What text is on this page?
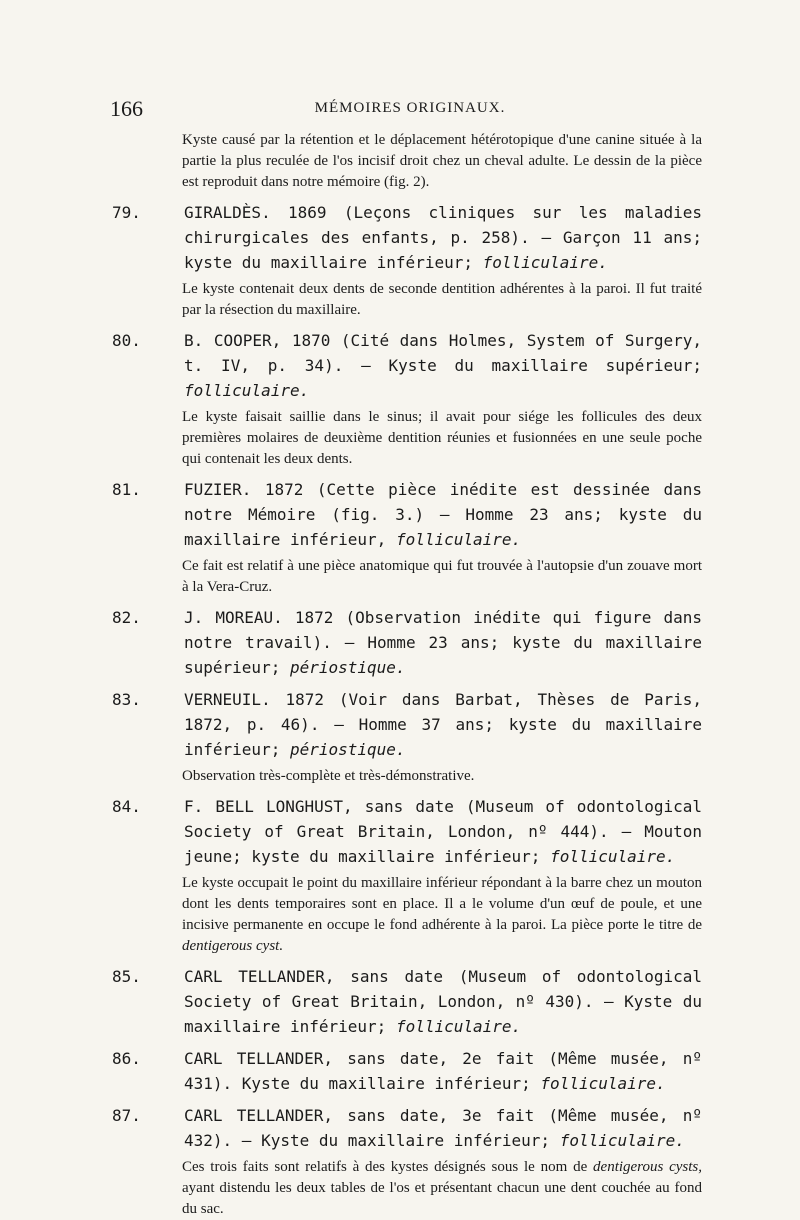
166	MÉMOIRES ORIGINAUX.

Kyste causé par la rétention et le déplacement hétérotopique d'une canine située à la partie la plus reculée de l'os incisif droit chez un cheval adulte. Le dessin de la pièce est reproduit dans notre mémoire (fig. 2).

79.	GIRALDÈS. 1869 (Leçons cliniques sur les maladies chirurgicales des enfants, p. 258). — Garçon 11 ans; kyste du maxillaire inférieur; folliculaire.

Le kyste contenait deux dents de seconde dentition adhérentes à la paroi. Il fut traité par la résection du maxillaire.

80.	B. COOPER, 1870 (Cité dans Holmes, System of Surgery, t. IV, p. 34). — Kyste du maxillaire supérieur; folliculaire.

Le kyste faisait saillie dans le sinus; il avait pour siége les follicules des deux premières molaires de deuxième dentition réunies et fusionnées en une seule poche qui contenait les deux dents.

81.	FUZIER. 1872 (Cette pièce inédite est dessinée dans notre Mémoire (fig. 3.) — Homme 23 ans; kyste du maxillaire inférieur, folliculaire.

Ce fait est relatif à une pièce anatomique qui fut trouvée à l'autopsie d'un zouave mort à la Vera-Cruz.

82.	J. MOREAU. 1872 (Observation inédite qui figure dans notre travail). — Homme 23 ans; kyste du maxillaire supérieur; périostique.

83.	VERNEUIL. 1872 (Voir dans Barbat, Thèses de Paris, 1872, p. 46). — Homme 37 ans; kyste du maxillaire inférieur; périostique.

Observation très-complète et très-démonstrative.

84.	F. BELL LONGHUST, sans date (Museum of odontological Society of Great Britain, London, nº 444). — Mouton jeune; kyste du maxillaire inférieur; folliculaire.

Le kyste occupait le point du maxillaire inférieur répondant à la barre chez un mouton dont les dents temporaires sont en place. Il a le volume d'un œuf de poule, et une incisive permanente en occupe le fond adhérente à la paroi. La pièce porte le titre de dentigerous cyst.

85.	CARL TELLANDER, sans date (Museum of odontological Society of Great Britain, London, nº 430). — Kyste du maxillaire inférieur; folliculaire.

86.	CARL TELLANDER, sans date, 2e fait (Même musée, nº 431). Kyste du maxillaire inférieur; folliculaire.

87.	CARL TELLANDER, sans date, 3e fait (Même musée, nº 432). — Kyste du maxillaire inférieur; folliculaire.

Ces trois faits sont relatifs à des kystes désignés sous le nom de dentigerous cysts, ayant distendu les deux tables de l'os et présentant chacun une dent couchée au fond du sac.
